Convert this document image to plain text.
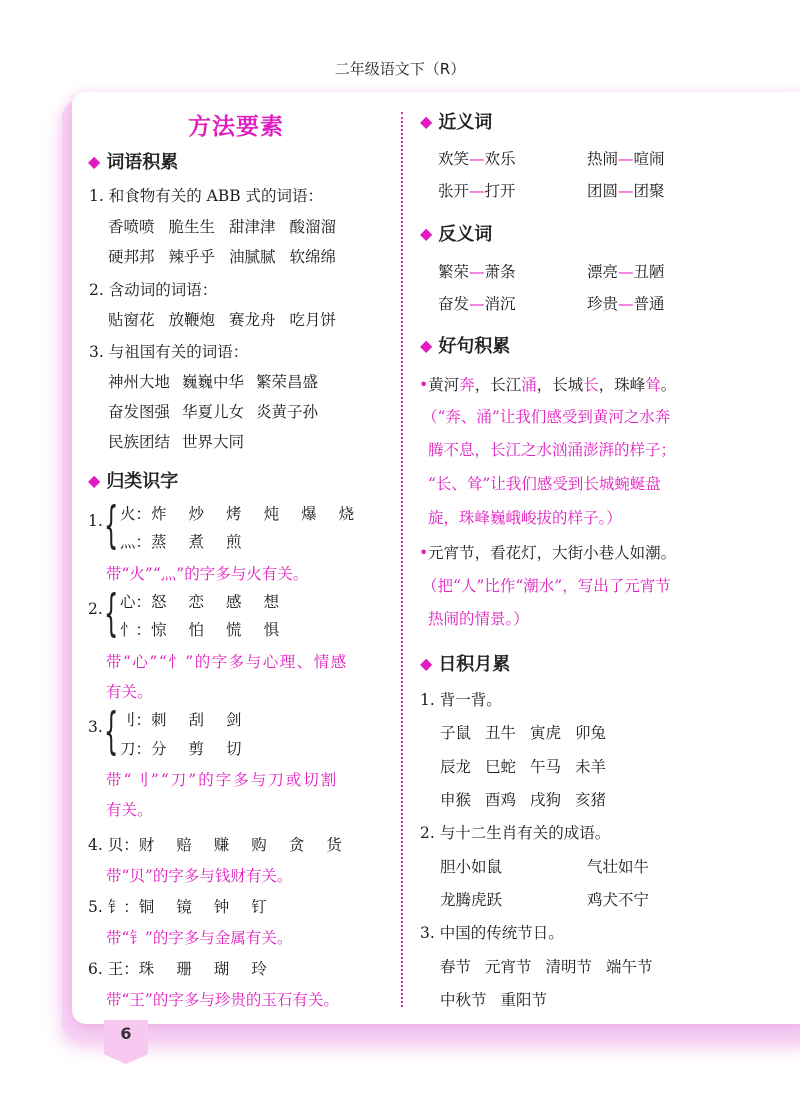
二年级语文下（R）
方法要素
◆ 词语积累
1. 和食物有关的 ABB 式的词语：
香喷喷 脆生生 甜津津 酸溜溜
硬邦邦 辣乎乎 油腻腻 软绵绵
2. 含动词的词语：
贴窗花 放鞭炮 赛龙舟 吃月饼
3. 与祖国有关的词语：
神州大地 巍巍中华 繁荣昌盛
奋发图强 华夏儿女 炎黄子孙
民族团结 世界大同
◆ 归类识字
1. { 火：炸 炒 烤 炖 爆 烧
灬：蒸 煮 煎
带“火”“灬”的字多与火有关。
2. { 心：怒 恋 感 想
忄：惊 怕 慌 惧
带“心”“忄”的字多与心理、情感
有关。
3. { 刂：刺 刮 剑
刀：分 剪 切
带“刂”“刀”的字多与刀或切割
有关。
4. 贝：财 赔 赚 购 贪 货
带“贝”的字多与钱财有关。
5. 钅：铜 镜 钟 钉
带“钅”的字多与金属有关。
6. 王：珠 珊 瑚 玲
带“王”的字多与珍贵的玉石有关。
◆ 近义词
欢笑—欢乐	热闹—喧闹
张开—打开	团圆—团聚
◆ 反义词
繁荣—萧条	漂亮—丑陋
奋发—消沉	珍贵—普通
◆ 好句积累
•黄河奔，长江涌，长城长，珠峰耸。
（“奔、涌”让我们感受到黄河之水奔
腾不息，长江之水汹涌澎湃的样子；
“长、耸”让我们感受到长城蜿蜒盘
旋，珠峰巍峨峻拔的样子。）
•元宵节，看花灯，大街小巷人如潮。
（把“人”比作“潮水”，写出了元宵节
热闹的情景。）
◆ 日积月累
1. 背一背。
子鼠 丑牛 寅虎 卯兔
辰龙 巳蛇 午马 未羊
申猴 酉鸡 戌狗 亥猪
2. 与十二生肖有关的成语。
胆小如鼠	气壮如牛
龙腾虎跃	鸡犬不宁
3. 中国的传统节日。
春节 元宵节 清明节 端午节
中秋节 重阳节
6
